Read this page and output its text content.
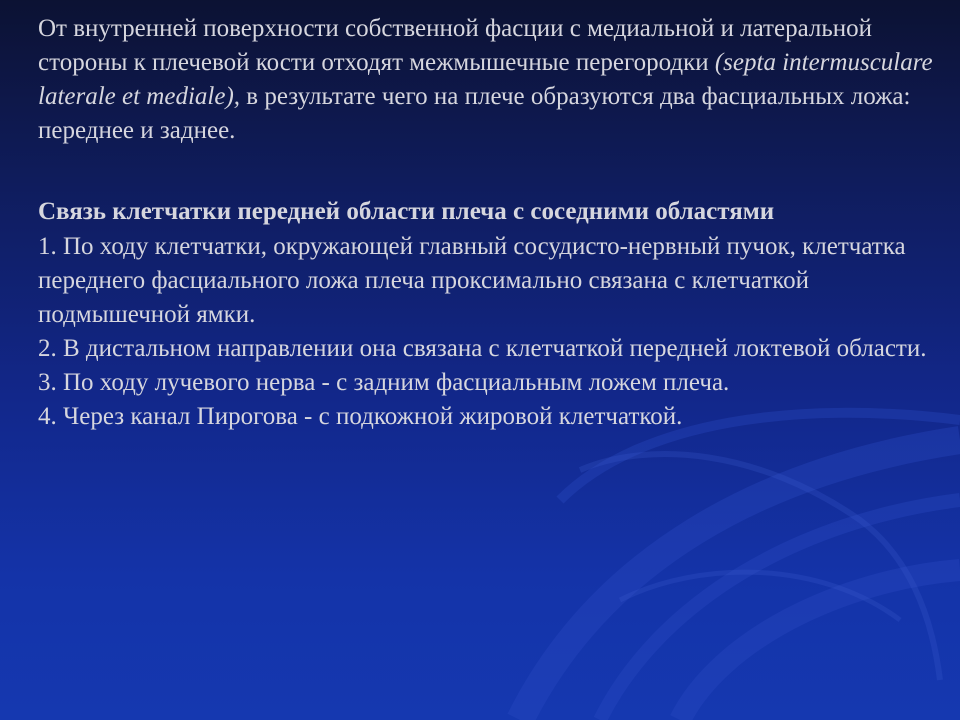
От внутренней поверхности собственной фасции с медиальной и латеральной стороны к плечевой кости отходят межмышечные перегородки (septa intermusculare laterale et mediale), в результате чего на плече образуются два фасциальных ложа: переднее и заднее.

Связь клетчатки передней области плеча с соседними областями

1. По ходу клетчатки, окружающей главный сосудисто-нервный пучок, клетчатка переднего фасциального ложа плеча проксимально связана с клетчаткой подмышечной ямки.

2. В дистальном направлении она связана с клетчаткой передней локтевой области.

3. По ходу лучевого нерва - с задним фасциальным ложем плеча.

4. Через канал Пирогова - с подкожной жировой клетчаткой.
